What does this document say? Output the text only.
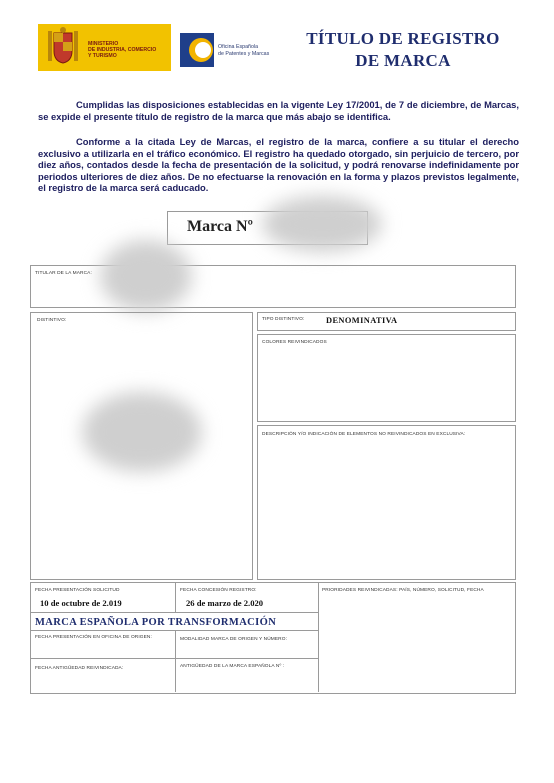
MINISTERIO
DE INDUSTRIA, COMERCIO
Y TURISMO
Oficina Española
de Patentes y Marcas
TÍTULO DE REGISTRO
DE MARCA
Cumplidas las disposiciones establecidas en la vigente Ley 17/2001, de 7 de diciembre, de Marcas, se expide el presente título de registro de la marca que más abajo se identifica.
Conforme a la citada Ley de Marcas, el registro de la marca, confiere a su titular el derecho exclusivo a utilizarla en el tráfico económico. El registro ha quedado otorgado, sin perjuicio de tercero, por diez años, contados desde la fecha de presentación de la solicitud, y podrá renovarse indefinidamente por periodos ulteriores de diez años. De no efectuarse la renovación en la forma y plazos previstos legalmente, el registro de la marca será caducado.
Marca Nº
TITULAR DE LA MARCA:
DISTINTIVO:	TIPO DISTINTIVO:	DENOMINATIVA
COLORES REIVINDICADOS
DESCRIPCIÓN Y/O INDICACIÓN DE ELEMENTOS NO REIVINDICADOS EN EXCLUSIVA:
FECHA PRESENTACIÓN SOLICITUD
10 de octubre de 2.019
FECHA CONCESIÓN REGISTRO:
26 de marzo de 2.020
PRIORIDADES REIVINDICADAS: PAÍS, NÚMERO, SOLICITUD, FECHA
MARCA ESPAÑOLA POR TRANSFORMACIÓN
FECHA PRESENTACIÓN EN OFICINA DE ORIGEN:	MODALIDAD MARCA DE ORIGEN Y NÚMERO:
FECHA ANTIGÜEDAD REIVINDICADA:	ANTIGÜEDAD DE LA MARCA ESPAÑOLA Nº :
